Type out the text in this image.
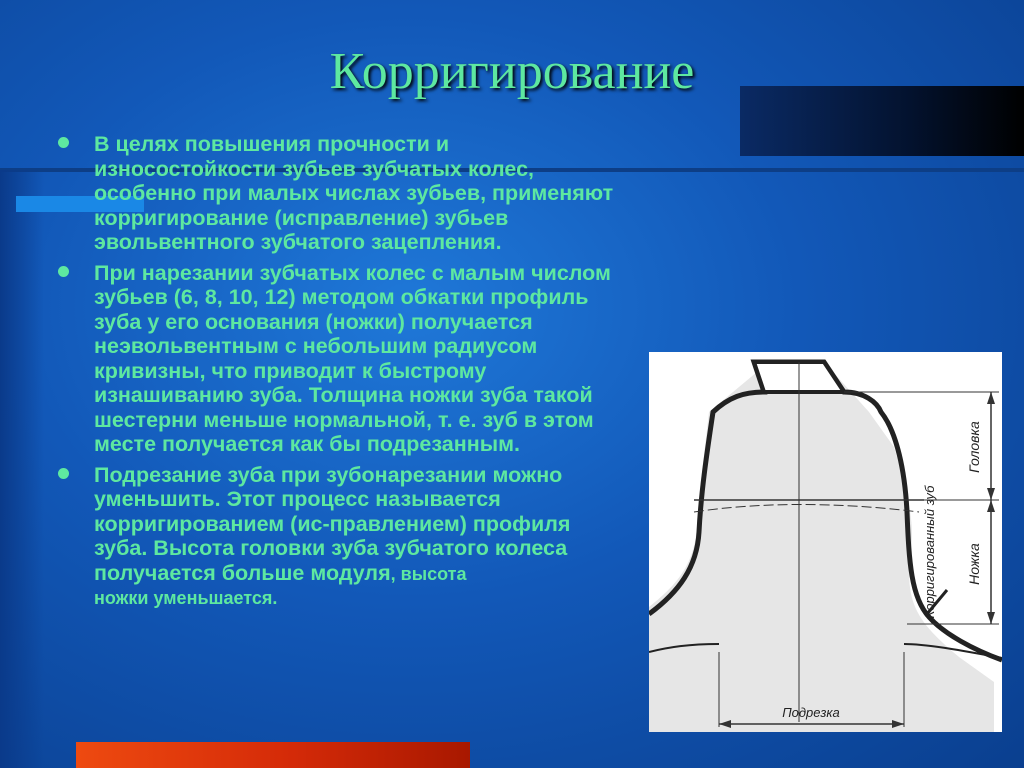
Корригирование
В целях повышения прочности и износостойкости зубьев зубчатых колес, особенно при малых числах зубьев, применяют корригирование (исправление) зубьев эвольвентного зубчатого зацепления.
При нарезании зубчатых колес с малым числом зубьев (6, 8, 10, 12) методом обкатки профиль зуба у его основания (ножки) получается неэвольвентным с небольшим радиусом кривизны, что приводит к быстрому изнашиванию зуба. Толщина ножки зуба такой шестерни меньше нормальной, т. е. зуб в этом месте получается как бы подрезанным.
Подрезание зуба при зубонарезании можно уменьшить. Этот процесс называется корригированием (ис-правлением) профиля зуба. Высота головки зуба зубчатого колеса получается больше модуля, высота
ножки уменьшается.	Корригированный зуб
Головка
Ножка
Подрезка
